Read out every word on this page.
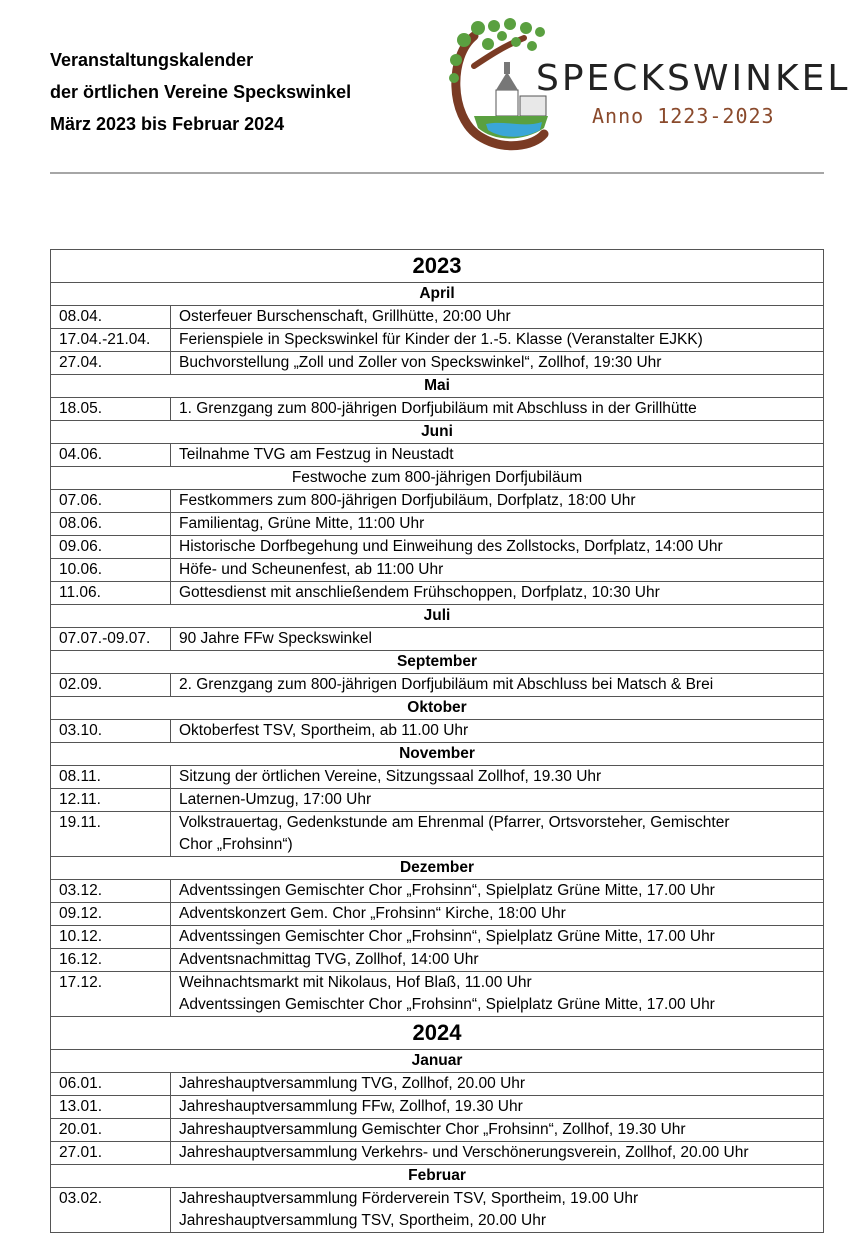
Veranstaltungskalender
der örtlichen Vereine Speckswinkel
März 2023 bis Februar 2024
SPECKSWINKEL
Anno 1223-2023
2023	
April	
08.04.	Osterfeuer Burschenschaft, Grillhütte, 20:00 Uhr

17.04.-21.04.	Ferienspiele in Speckswinkel für Kinder der 1.-5. Klasse (Veranstalter EJKK)

27.04.	Buchvorstellung „Zoll und Zoller von Speckswinkel“, Zollhof, 19:30 Uhr

Mai	
18.05.	1. Grenzgang zum 800-jährigen Dorfjubiläum mit Abschluss in der Grillhütte

Juni	
04.06.	Teilnahme TVG am Festzug in Neustadt

Festwoche zum 800-jährigen Dorfjubiläum	
07.06.	Festkommers zum 800-jährigen Dorfjubiläum, Dorfplatz, 18:00 Uhr

08.06.	Familientag, Grüne Mitte, 11:00 Uhr

09.06.	Historische Dorfbegehung und Einweihung des Zollstocks, Dorfplatz, 14:00 Uhr

10.06.	Höfe- und Scheunenfest, ab 11:00 Uhr

11.06.	Gottesdienst mit anschließendem Frühschoppen, Dorfplatz, 10:30 Uhr

Juli	
07.07.-09.07.	90 Jahre FFw Speckswinkel

September	
02.09.	2. Grenzgang zum 800-jährigen Dorfjubiläum mit Abschluss bei Matsch & Brei

Oktober	
03.10.	Oktoberfest TSV, Sportheim, ab 11.00 Uhr

November	
08.11.	Sitzung der örtlichen Vereine, Sitzungssaal Zollhof, 19.30 Uhr

12.11.	Laternen-Umzug, 17:00 Uhr

19.11.	Volkstrauertag, Gedenkstunde am Ehrenmal (Pfarrer, Ortsvorsteher, Gemischter
Chor „Frohsinn“)

Dezember	
03.12.	Adventssingen Gemischter Chor „Frohsinn“, Spielplatz Grüne Mitte, 17.00 Uhr

09.12.	Adventskonzert Gem. Chor „Frohsinn“ Kirche, 18:00 Uhr

10.12.	Adventssingen Gemischter Chor „Frohsinn“, Spielplatz Grüne Mitte, 17.00 Uhr

16.12.	Adventsnachmittag TVG, Zollhof, 14:00 Uhr

17.12.	Weihnachtsmarkt mit Nikolaus, Hof Blaß, 11.00 Uhr
Adventssingen Gemischter Chor „Frohsinn“, Spielplatz Grüne Mitte, 17.00 Uhr

2024	
Januar	
06.01.	Jahreshauptversammlung TVG, Zollhof, 20.00 Uhr

13.01.	Jahreshauptversammlung FFw, Zollhof, 19.30 Uhr

20.01.	Jahreshauptversammlung Gemischter Chor „Frohsinn“, Zollhof, 19.30 Uhr

27.01.	Jahreshauptversammlung Verkehrs- und Verschönerungsverein, Zollhof, 20.00 Uhr

Februar	
03.02.	Jahreshauptversammlung Förderverein TSV, Sportheim, 19.00 Uhr
Jahreshauptversammlung TSV, Sportheim, 20.00 Uhr
